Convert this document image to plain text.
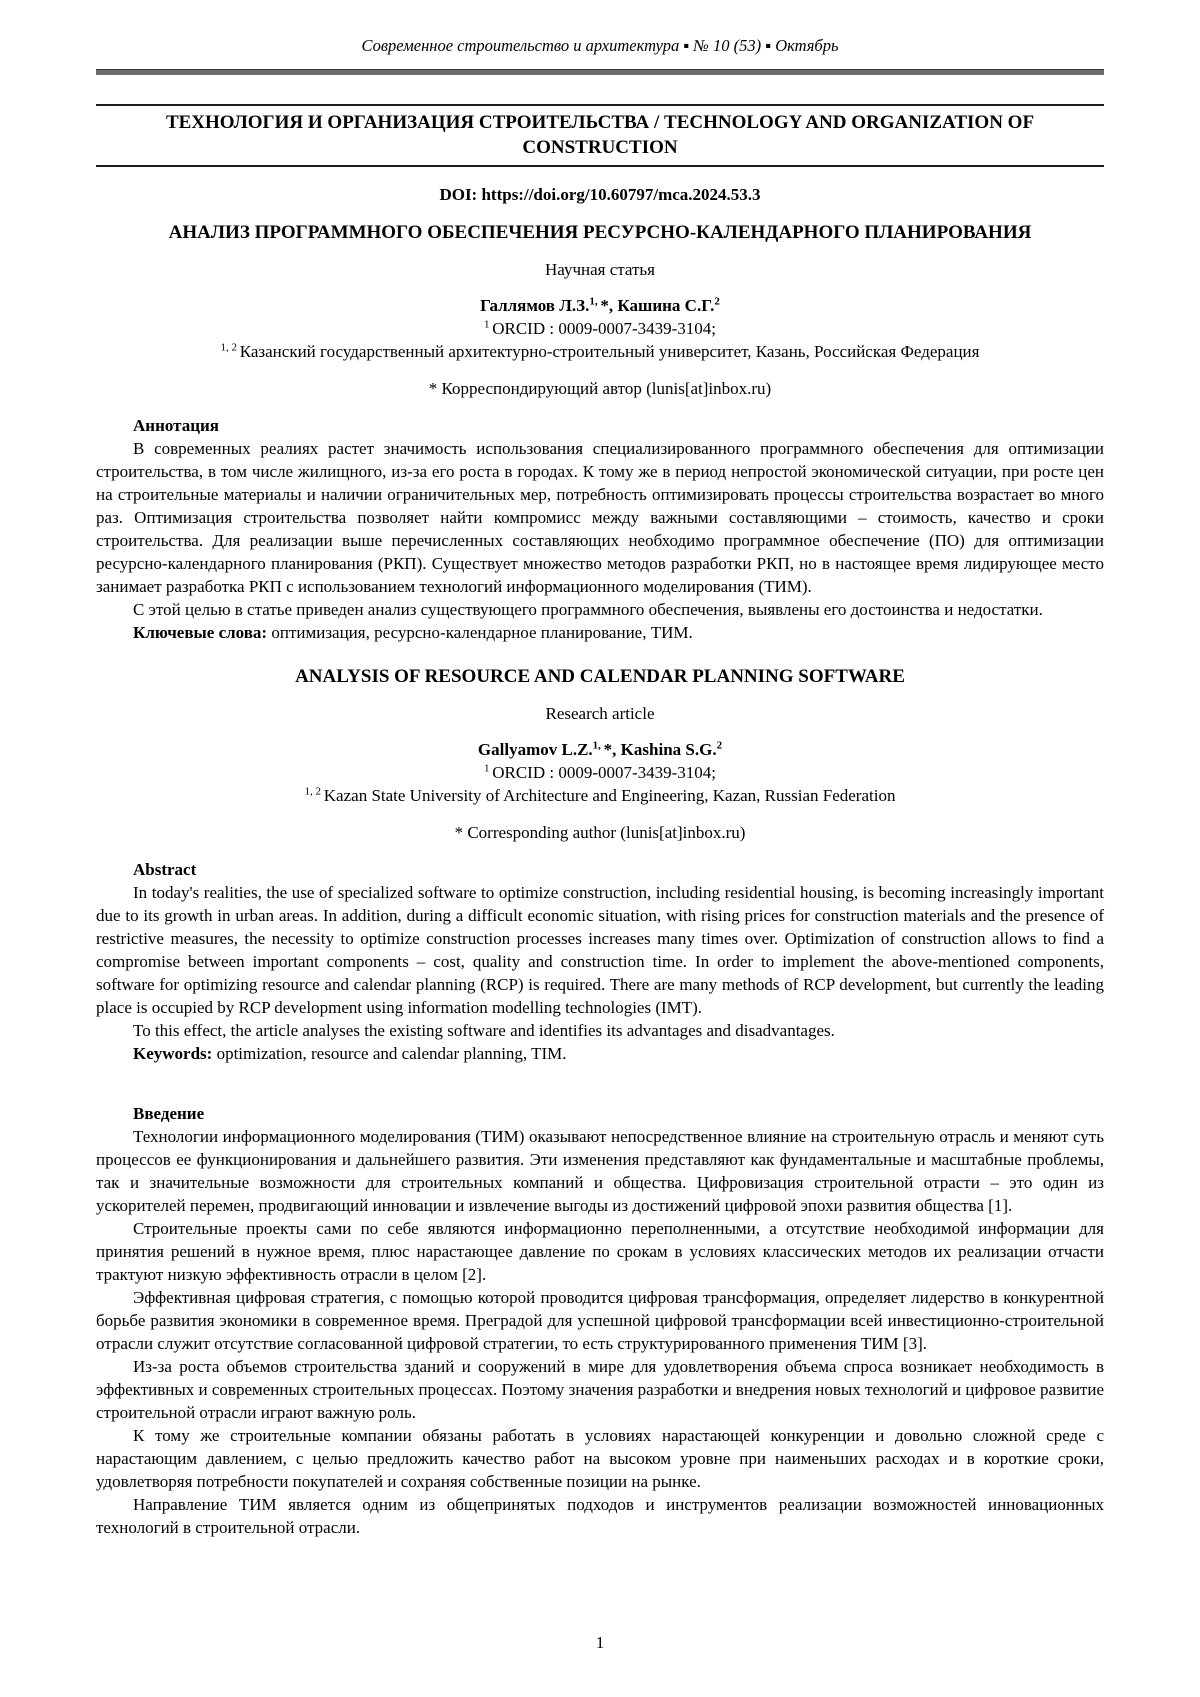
Современное строительство и архитектура ▪ № 10 (53) ▪ Октябрь
ТЕХНОЛОГИЯ И ОРГАНИЗАЦИЯ СТРОИТЕЛЬСТВА / TECHNOLOGY AND ORGANIZATION OF CONSTRUCTION
DOI: https://doi.org/10.60797/mca.2024.53.3
АНАЛИЗ ПРОГРАММНОГО ОБЕСПЕЧЕНИЯ РЕСУРСНО-КАЛЕНДАРНОГО ПЛАНИРОВАНИЯ
Научная статья
Галлямов Л.З.$^{1,}$ *, Кашина С.Г.$^2$
$^1$ ORCID : 0009-0007-3439-3104;
$^{1, 2}$ Казанский государственный архитектурно-строительный университет, Казань, Российская Федерация
* Корреспондирующий автор (lunis[at]inbox.ru)
Аннотация

В современных реалиях растет значимость использования специализированного программного обеспечения для оптимизации строительства, в том числе жилищного, из-за его роста в городах. К тому же в период непростой экономической ситуации, при росте цен на строительные материалы и наличии ограничительных мер, потребность оптимизировать процессы строительства возрастает во много раз. Оптимизация строительства позволяет найти компромисс между важными составляющими – стоимость, качество и сроки строительства. Для реализации выше перечисленных составляющих необходимо программное обеспечение (ПО) для оптимизации ресурсно-календарного планирования (РКП). Существует множество методов разработки РКП, но в настоящее время лидирующее место занимает разработка РКП с использованием технологий информационного моделирования (ТИМ).

С этой целью в статье приведен анализ существующего программного обеспечения, выявлены его достоинства и недостатки.

Ключевые слова: оптимизация, ресурсно-календарное планирование, ТИМ.
ANALYSIS OF RESOURCE AND CALENDAR PLANNING SOFTWARE
Research article
Gallyamov L.Z.$^{1,}$ *, Kashina S.G.$^2$
$^1$ ORCID : 0009-0007-3439-3104;
$^{1, 2}$ Kazan State University of Architecture and Engineering, Kazan, Russian Federation
* Corresponding author (lunis[at]inbox.ru)
Abstract

In today's realities, the use of specialized software to optimize construction, including residential housing, is becoming increasingly important due to its growth in urban areas. In addition, during a difficult economic situation, with rising prices for construction materials and the presence of restrictive measures, the necessity to optimize construction processes increases many times over. Optimization of construction allows to find a compromise between important components – cost, quality and construction time. In order to implement the above-mentioned components, software for optimizing resource and calendar planning (RCP) is required. There are many methods of RCP development, but currently the leading place is occupied by RCP development using information modelling technologies (IMT).

To this effect, the article analyses the existing software and identifies its advantages and disadvantages.

Keywords: optimization, resource and calendar planning, TIM.
Введение

Технологии информационного моделирования (ТИМ) оказывают непосредственное влияние на строительную отрасль и меняют суть процессов ее функционирования и дальнейшего развития. Эти изменения представляют как фундаментальные и масштабные проблемы, так и значительные возможности для строительных компаний и общества. Цифровизация строительной отрасти – это один из ускорителей перемен, продвигающий инновации и извлечение выгоды из достижений цифровой эпохи развития общества [1].

Строительные проекты сами по себе являются информационно переполненными, а отсутствие необходимой информации для принятия решений в нужное время, плюс нарастающее давление по срокам в условиях классических методов их реализации отчасти трактуют низкую эффективность отрасли в целом [2].

Эффективная цифровая стратегия, с помощью которой проводится цифровая трансформация, определяет лидерство в конкурентной борьбе развития экономики в современное время. Преградой для успешной цифровой трансформации всей инвестиционно-строительной отрасли служит отсутствие согласованной цифровой стратегии, то есть структурированного применения ТИМ [3].

Из-за роста объемов строительства зданий и сооружений в мире для удовлетворения объема спроса возникает необходимость в эффективных и современных строительных процессах. Поэтому значения разработки и внедрения новых технологий и цифровое развитие строительной отрасли играют важную роль.

К тому же строительные компании обязаны работать в условиях нарастающей конкуренции и довольно сложной среде с нарастающим давлением, с целью предложить качество работ на высоком уровне при наименьших расходах и в короткие сроки, удовлетворяя потребности покупателей и сохраняя собственные позиции на рынке.

Направление ТИМ является одним из общепринятых подходов и инструментов реализации возможностей инновационных технологий в строительной отрасли.

1
